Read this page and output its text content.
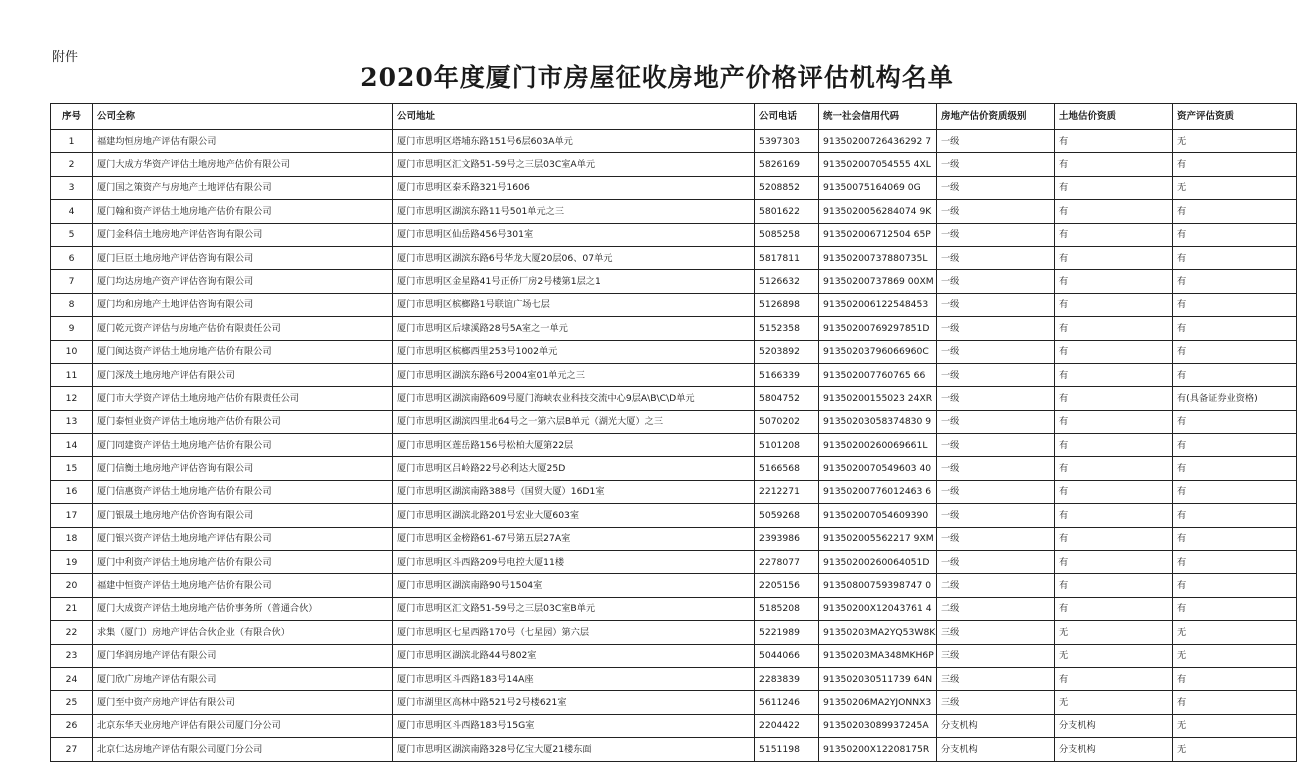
附件
2020年度厦门市房屋征收房地产价格评估机构名单
序号	公司全称	公司地址	公司电话	统一社会信用代码	房地产估价资质级别	土地估价资质	资产评估资质
1	福建均恒房地产评估有限公司	厦门市思明区塔埔东路151号6层603A单元	5397303	91350200726436292 7	一级	有	无
2	厦门大成方华资产评估土地房地产估价有限公司	厦门市思明区汇文路51-59号之三层03C室A单元	5826169	913502007054555 4XL	一级	有	有
3	厦门国之策资产与房地产土地评估有限公司	厦门市思明区泰禾路321号1606	5208852	91350075164069 0G	一级	有	无
4	厦门翰和资产评估土地房地产估价有限公司	厦门市思明区湖滨东路11号501单元之三	5801622	9135020056284074 9K	一级	有	有
5	厦门金科信土地房地产评估咨询有限公司	厦门市思明区仙岳路456号301室	5085258	913502006712504 65P	一级	有	有
6	厦门巨臣土地房地产评估咨询有限公司	厦门市思明区湖滨东路6号华龙大厦20层06、07单元	5817811	91350200737880735L	一级	有	有
7	厦门均达房地产资产评估咨询有限公司	厦门市思明区金星路41号正侨厂房2号楼第1层之1	5126632	91350200737869 00XM	一级	有	有
8	厦门均和房地产土地评估咨询有限公司	厦门市思明区槟榔路1号联谊广场七层	5126898	913502006122548453	一级	有	有
9	厦门乾元资产评估与房地产估价有限责任公司	厦门市思明区后埭溪路28号5A室之一单元	5152358	91350200769297851D	一级	有	有
10	厦门闽达资产评估土地房地产估价有限公司	厦门市思明区槟榔西里253号1002单元	5203892	91350203796066960C	一级	有	有
11	厦门深茂土地房地产评估有限公司	厦门市思明区湖滨东路6号2004室01单元之三	5166339	913502007760765 66	一级	有	有
12	厦门市大学资产评估土地房地产估价有限责任公司	厦门市思明区湖滨南路609号厦门海峡农业科技交流中心9层A\B\C\D单元	5804752	91350200155023 24XR	一级	有	有(具备证券业资格)
13	厦门泰恒业资产评估土地房地产估价有限公司	厦门市思明区湖滨四里北64号之一第六层B单元（湖光大厦）之三	5070202	91350203058374830 9	一级	有	有
14	厦门同建资产评估土地房地产估价有限公司	厦门市思明区莲岳路156号松柏大厦第22层	5101208	91350200260069661L	一级	有	有
15	厦门信衡土地房地产评估咨询有限公司	厦门市思明区吕岭路22号必利达大厦25D	5166568	9135020070549603 40	一级	有	有
16	厦门信惠资产评估土地房地产估价有限公司	厦门市思明区湖滨南路388号（国贸大厦）16D1室	2212271	91350200776012463 6	一级	有	有
17	厦门银晟土地房地产估价咨询有限公司	厦门市思明区湖滨北路201号宏业大厦603室	5059268	913502007054609390	一级	有	有
18	厦门银兴资产评估土地房地产评估有限公司	厦门市思明区金榜路61-67号第五层27A室	2393986	913502005562217 9XM	一级	有	有
19	厦门中利资产评估土地房地产估价有限公司	厦门市思明区斗西路209号电控大厦11楼	2278077	91350200260064051D	一级	有	有
20	福建中恒资产评估土地房地产估价有限公司	厦门市思明区湖滨南路90号1504室	2205156	91350800759398747 0	二级	有	有
21	厦门大成资产评估土地房地产估价事务所（普通合伙）	厦门市思明区汇文路51-59号之三层03C室B单元	5185208	91350200X12043761 4	二级	有	有
22	求集（厦门）房地产评估合伙企业（有限合伙）	厦门市思明区七星西路170号（七星园）第六层	5221989	91350203MA2YQ53W8K	三级	无	无
23	厦门华润房地产评估有限公司	厦门市思明区湖滨北路44号802室	5044066	91350203MA348MKH6P	三级	无	无
24	厦门欣广房地产评估有限公司	厦门市思明区斗西路183号14A座	2283839	913502030511739 64N	三级	有	有
25	厦门至中资产房地产评估有限公司	厦门市湖里区高林中路521号2号楼621室	5611246	91350206MA2YJONNX3	三级	无	有
26	北京东华天业房地产评估有限公司厦门分公司	厦门市思明区斗西路183号15G室	2204422	91350203089937245A	分支机构	分支机构	无
27	北京仁达房地产评估有限公司厦门分公司	厦门市思明区湖滨南路328号亿宝大厦21楼东面	5151198	91350200X12208175R	分支机构	分支机构	无
